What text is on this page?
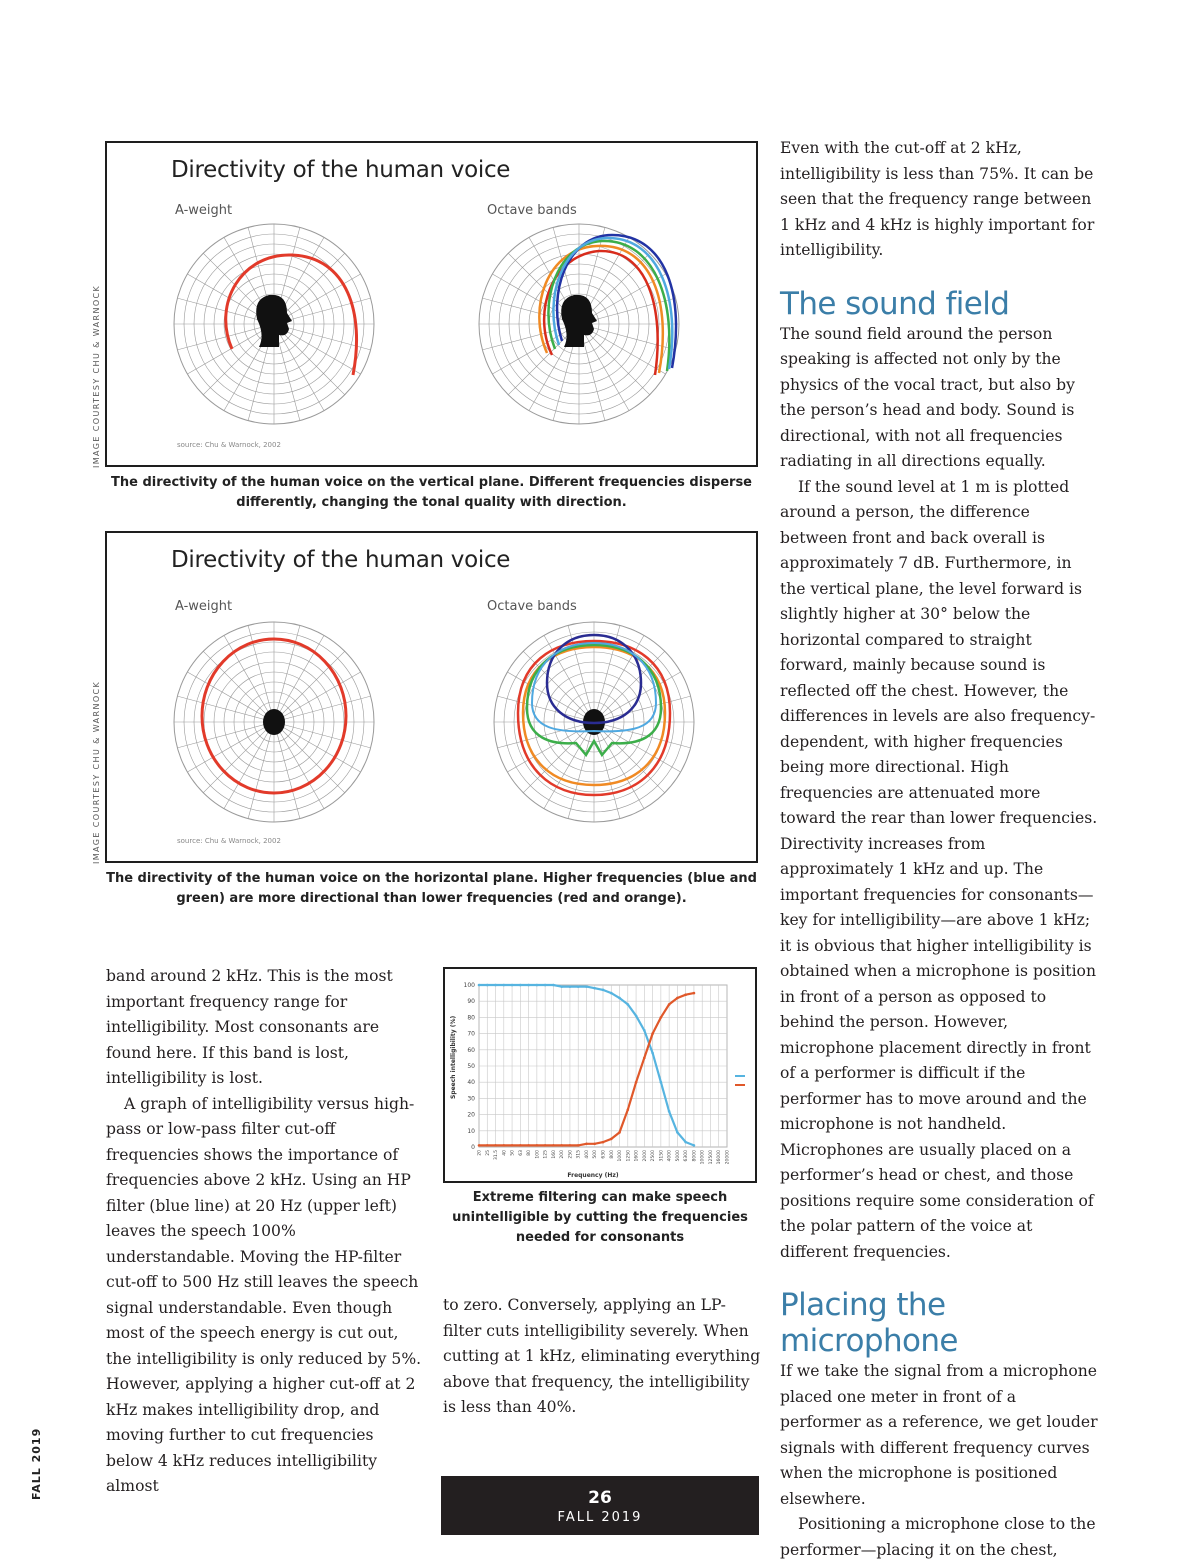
IMAGE COURTESY CHU & WARNOCK
Directivity of the human voice
A-weight	Octave bands
source: Chu & Warnock, 2002
The directivity of the human voice on the vertical plane. Different frequencies disperse differently, changing the tonal quality with direction.
IMAGE COURTESY CHU & WARNOCK
Directivity of the human voice
A-weight	Octave bands
source: Chu & Warnock, 2002
The directivity of the human voice on the horizontal plane. Higher frequencies (blue and green) are more directional than lower frequencies (red and orange).
Speech intelligibility (%)
Frequency (Hz)
0
10
20
30
40
50
60
70
80
90
100
20 25 31.5 40 50 63 80 100 125 160 200 250 315 400 500 630 800 1000 1250 1600 2000 2500 3150 4000 5000 6300 8000 10000 12500 16000 20000
Extreme filtering can make speech unintelligible by cutting the frequencies needed for consonants

band around 2 kHz. This is the most important frequency range for intelligibility. Most consonants are found here. If this band is lost, intelligibility is lost.

A graph of intelligibility versus high-pass or low-pass filter cut-off frequencies shows the importance of frequencies above 2 kHz. Using an HP filter (blue line) at 20 Hz (upper left) leaves the speech 100% understandable. Moving the HP-filter cut-off to 500 Hz still leaves the speech signal understandable. Even though most of the speech energy is cut out, the intelligibility is only reduced by 5%. However, applying a higher cut-off at 2 kHz makes intelligibility drop, and moving further to cut frequencies below 4 kHz reduces intelligibility almost

to zero. Conversely, applying an LP-filter cuts intelligibility severely. When cutting at 1 kHz, eliminating everything above that frequency, the intelligibility is less than 40%.

Even with the cut-off at 2 kHz, intelligibility is less than 75%. It can be seen that the frequency range between 1 kHz and 4 kHz is highly important for intelligibility.

The sound field

The sound field around the person speaking is affected not only by the physics of the vocal tract, but also by the person’s head and body. Sound is directional, with not all frequencies radiating in all directions equally.

If the sound level at 1 m is plotted around a person, the difference between front and back overall is approximately 7 dB. Furthermore, in the vertical plane, the level forward is slightly higher at 30° below the horizontal compared to straight forward, mainly because sound is reflected off the chest. However, the differences in levels are also frequency-dependent, with higher frequencies being more directional. High frequencies are attenuated more toward the rear than lower frequencies. Directivity increases from approximately 1 kHz and up. The important frequencies for consonants—key for intelligibility—are above 1 kHz; it is obvious that higher intelligibility is obtained when a microphone is position in front of a person as opposed to behind the person. However, microphone placement directly in front of a performer is difficult if the performer has to move around and the microphone is not handheld. Microphones are usually placed on a performer’s head or chest, and those positions require some consideration of the polar pattern of the voice at different frequencies.

Placing the microphone

If we take the signal from a microphone placed one meter in front of a performer as a reference, we get louder signals with different frequency curves when the microphone is positioned elsewhere.

Positioning a microphone close to the performer—placing it on the chest,

FALL 2019	26
FALL 2019
